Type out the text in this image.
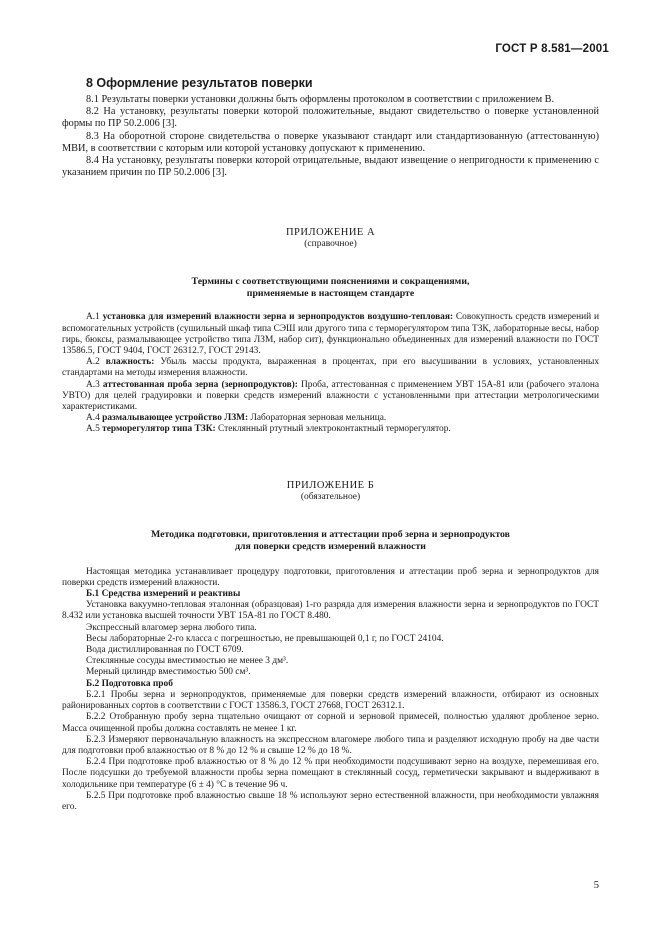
ГОСТ Р 8.581—2001
8 Оформление результатов поверки

8.1 Результаты поверки установки должны быть оформлены протоколом в соответствии с приложением В.

8.2 На установку, результаты поверки которой положительные, выдают свидетельство о поверке установленной формы по ПР 50.2.006 [3].

8.3 На оборотной стороне свидетельства о поверке указывают стандарт или стандартизованную (аттестованную) МВИ, в соответствии с которым или которой установку допускают к применению.

8.4 На установку, результаты поверки которой отрицательные, выдают извещение о непригодности к применению с указанием причин по ПР 50.2.006 [3].

ПРИЛОЖЕНИЕ А
(справочное)
Термины с соответствующими пояснениями и сокращениями,
применяемые в настоящем стандарте

А.1 установка для измерений влажности зерна и зернопродуктов воздушно-тепловая: Совокупность средств измерений и вспомогательных устройств (сушильный шкаф типа СЭШ или другого типа с терморегулятором типа ТЗК, лабораторные весы, набор гирь, бюксы, размалывающее устройство типа ЛЗМ, набор сит), функционально объединенных для измерений влажности по ГОСТ 13586.5, ГОСТ 9404, ГОСТ 26312.7, ГОСТ 29143.

А.2 влажность: Убыль массы продукта, выраженная в процентах, при его высушивании в условиях, установленных стандартами на методы измерения влажности.

А.3 аттестованная проба зерна (зернопродуктов): Проба, аттестованная с применением УВТ 15А-81 или (рабочего эталона УВТО) для целей градуировки и поверки средств измерений влажности с установленными при аттестации метрологическими характеристиками.

А.4 размалывающее устройство ЛЗМ: Лабораторная зерновая мельница.

А.5 терморегулятор типа ТЗК: Стеклянный ртутный электроконтактный терморегулятор.

ПРИЛОЖЕНИЕ Б
(обязательное)
Методика подготовки, приготовления и аттестации проб зерна и зернопродуктов
для поверки средств измерений влажности

Настоящая методика устанавливает процедуру подготовки, приготовления и аттестации проб зерна и зернопродуктов для поверки средств измерений влажности.

Б.1 Средства измерений и реактивы

Установка вакуумно-тепловая эталонная (образцовая) 1-го разряда для измерения влажности зерна и зернопродуктов по ГОСТ 8.432 или установка высшей точности УВТ 15А-81 по ГОСТ 8.480.

Экспрессный влагомер зерна любого типа.

Весы лабораторные 2-го класса с погрешностью, не превышающей 0,1 г, по ГОСТ 24104.

Вода дистиллированная по ГОСТ 6709.

Стеклянные сосуды вместимостью не менее 3 дм³.

Мерный цилиндр вместимостью 500 см³.

Б.2 Подготовка проб

Б.2.1 Пробы зерна и зернопродуктов, применяемые для поверки средств измерений влажности, отбирают из основных районированных сортов в соответствии с ГОСТ 13586.3, ГОСТ 27668, ГОСТ 26312.1.

Б.2.2 Отобранную пробу зерна тщательно очищают от сорной и зерновой примесей, полностью удаляют дробленое зерно. Масса очищенной пробы должна составлять не менее 1 кг.

Б.2.3 Измеряют первоначальную влажность на экспрессном влагомере любого типа и разделяют исходную пробу на две части для подготовки проб влажностью от 8 % до 12 % и свыше 12 % до 18 %.

Б.2.4 При подготовке проб влажностью от 8 % до 12 % при необходимости подсушивают зерно на воздухе, перемешивая его. После подсушки до требуемой влажности пробы зерна помещают в стеклянный сосуд, герметически закрывают и выдерживают в холодильнике при температуре (6 ± 4) °С в течение 96 ч.

Б.2.5 При подготовке проб влажностью свыше 18 % используют зерно естественной влажности, при необходимости увлажняя его.

5
